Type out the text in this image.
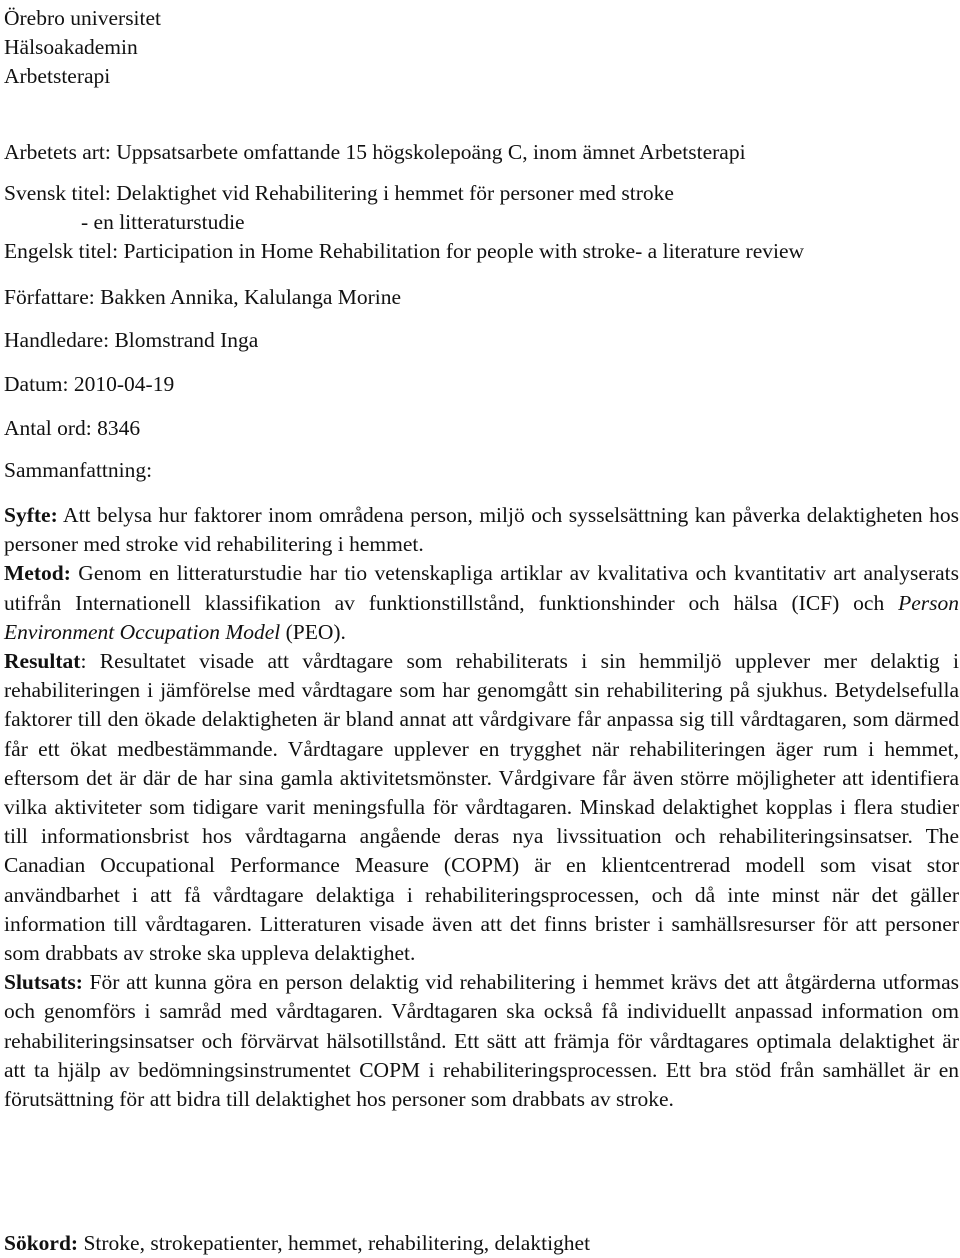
Örebro universitet
Hälsoakademin
Arbetsterapi
Arbetets art: Uppsatsarbete omfattande 15 högskolepoäng C, inom ämnet Arbetsterapi
Svensk titel: Delaktighet vid Rehabilitering i hemmet för personer med stroke
- en litteraturstudie
Engelsk titel: Participation in Home Rehabilitation for people with stroke- a literature review
Författare: Bakken Annika, Kalulanga Morine
Handledare: Blomstrand Inga
Datum: 2010-04-19
Antal ord: 8346
Sammanfattning:
Syfte: Att belysa hur faktorer inom områdena person, miljö och sysselsättning kan påverka delaktigheten hos personer med stroke vid rehabilitering i hemmet.
Metod: Genom en litteraturstudie har tio vetenskapliga artiklar av kvalitativa och kvantitativ art analyserats utifrån Internationell klassifikation av funktionstillstånd, funktionshinder och hälsa (ICF) och Person Environment Occupation Model (PEO).
Resultat: Resultatet visade att vårdtagare som rehabiliterats i sin hemmiljö upplever mer delaktig i rehabiliteringen i jämförelse med vårdtagare som har genomgått sin rehabilitering på sjukhus. Betydelsefulla faktorer till den ökade delaktigheten är bland annat att vårdgivare får anpassa sig till vårdtagaren, som därmed får ett ökat medbestämmande. Vårdtagare upplever en trygghet när rehabiliteringen äger rum i hemmet, eftersom det är där de har sina gamla aktivitetsmönster. Vårdgivare får även större möjligheter att identifiera vilka aktiviteter som tidigare varit meningsfulla för vårdtagaren. Minskad delaktighet kopplas i flera studier till informationsbrist hos vårdtagarna angående deras nya livssituation och rehabiliteringsinsatser. The Canadian Occupational Performance Measure (COPM) är en klientcentrerad modell som visat stor användbarhet i att få vårdtagare delaktiga i rehabiliteringsprocessen, och då inte minst när det gäller information till vårdtagaren. Litteraturen visade även att det finns brister i samhällsresurser för att personer som drabbats av stroke ska uppleva delaktighet.
Slutsats: För att kunna göra en person delaktig vid rehabilitering i hemmet krävs det att åtgärderna utformas och genomförs i samråd med vårdtagaren. Vårdtagaren ska också få individuellt anpassad information om rehabiliteringsinsatser och förvärvat hälsotillstånd. Ett sätt att främja för vårdtagares optimala delaktighet är att ta hjälp av bedömningsinstrumentet COPM i rehabiliteringsprocessen. Ett bra stöd från samhället är en förutsättning för att bidra till delaktighet hos personer som drabbats av stroke.
Sökord: Stroke, strokepatienter, hemmet, rehabilitering, delaktighet
